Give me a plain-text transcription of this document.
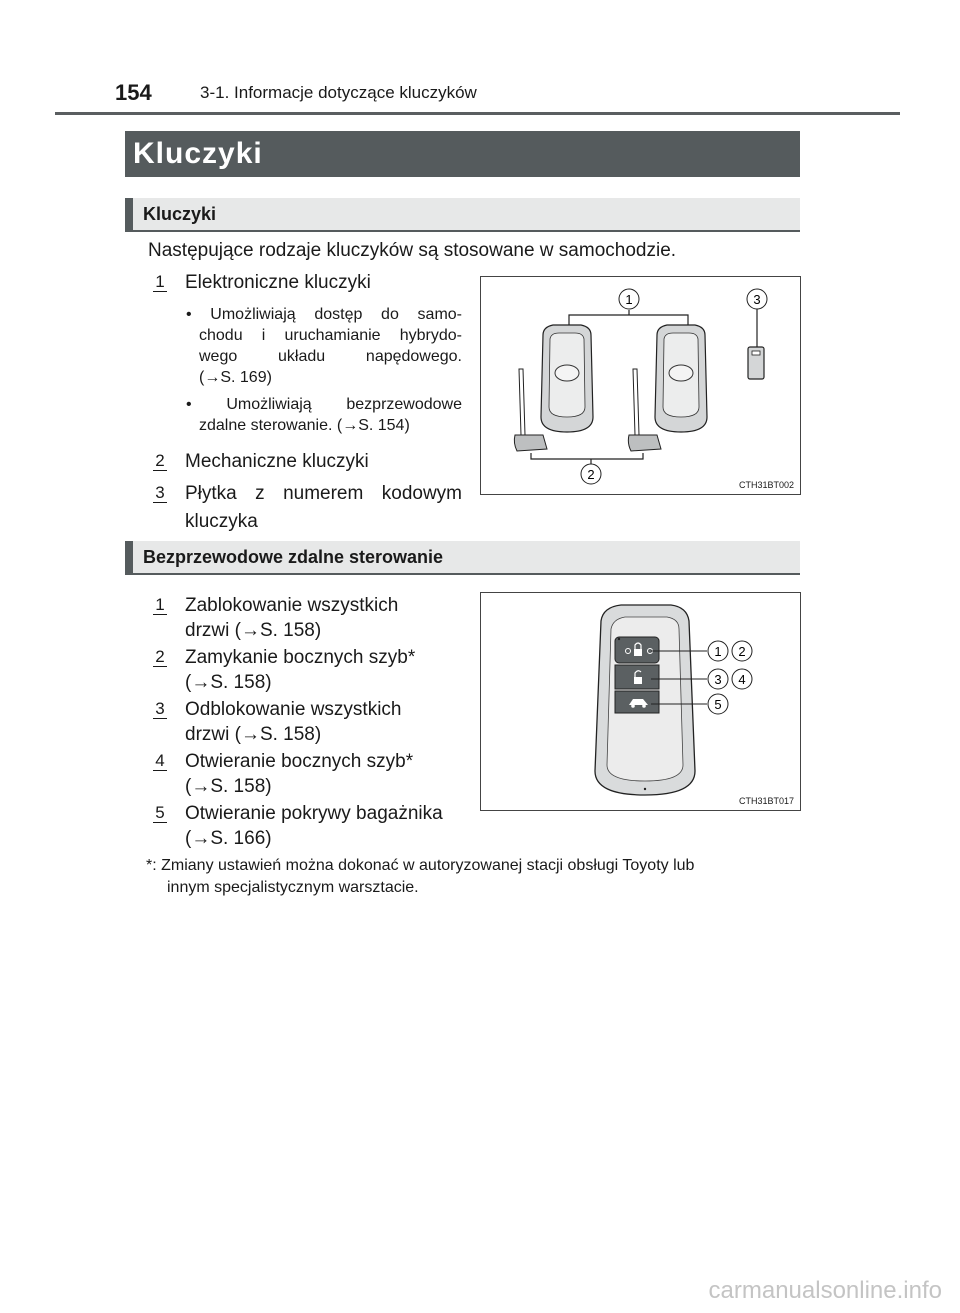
154	3-1. Informacje dotyczące kluczyków
Kluczyki
Kluczyki
Następujące rodzaje kluczyków są stosowane w samochodzie.
1 Elektroniczne kluczyki
• Umożliwiają dostęp do samo-
chodu i uruchamianie hybrydo-
wego układu napędowego.
(→S. 169)
• Umożliwiają bezprzewodowe
zdalne sterowanie. (→S. 154)
2 Mechaniczne kluczyki
3 Płytka z numerem kodowym
kluczyka
1
2
3
CTH31BT002
Bezprzewodowe zdalne sterowanie
1 Zablokowanie wszystkich
drzwi (→S. 158)
2 Zamykanie bocznych szyb*
(→S. 158)
3 Odblokowanie wszystkich
drzwi (→S. 158)
4 Otwieranie bocznych szyb*
(→S. 158)
5 Otwieranie pokrywy bagażnika
(→S. 166)
1 2
3 4
5
CTH31BT017
*: Zmiany ustawień można dokonać w autoryzowanej stacji obsługi Toyoty lub
innym specjalistycznym warsztacie.
carmanualsonline.info
